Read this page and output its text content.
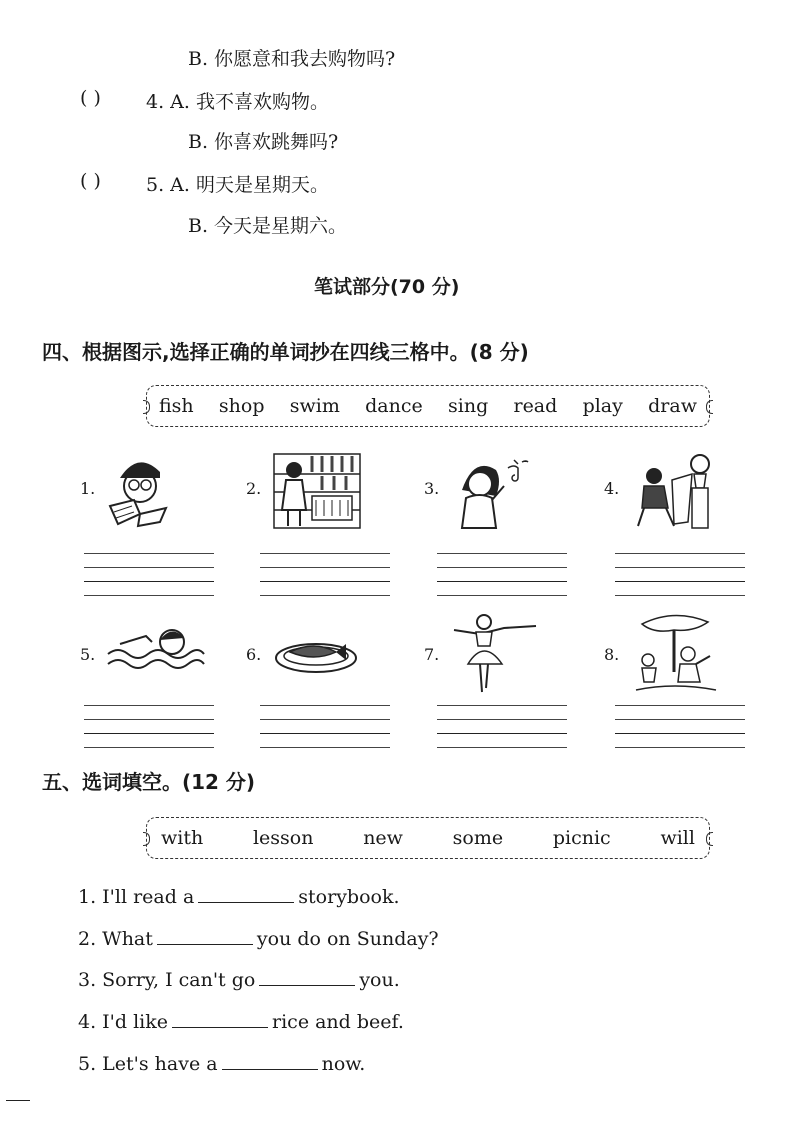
B. 你愿意和我去购物吗?
( ) 4. A. 我不喜欢购物。
B. 你喜欢跳舞吗?
( ) 5. A. 明天是星期天。
B. 今天是星期六。
笔试部分(70 分)
四、根据图示,选择正确的单词抄在四线三格中。(8 分)
fish shop swim dance sing read play draw
1.	2.	3.	4.
5.	6.	7.	8.
五、选词填空。(12 分)
with	lesson	new	some	picnic	will
1. I'll read a	storybook.
2. What	you do on Sunday?
3. Sorry, I can't go	you.
4. I'd like	rice and beef.
5. Let's have a	now.
